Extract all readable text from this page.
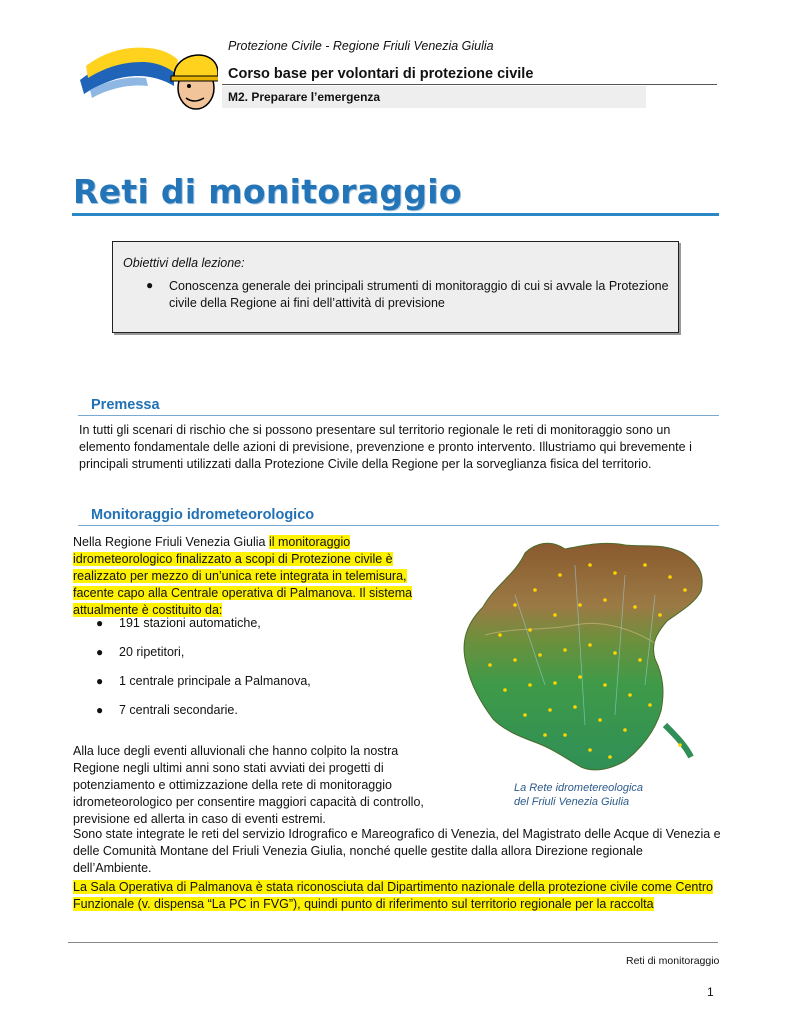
Protezione Civile - Regione Friuli Venezia Giulia
Corso base per volontari di protezione civile
M2. Preparare l’emergenza
Reti di monitoraggio
Obiettivi della lezione:
● Conoscenza generale dei principali strumenti di monitoraggio di cui si avvale la Protezione civile della Regione ai fini dell’attività di previsione
Premessa
In tutti gli scenari di rischio che si possono presentare sul territorio regionale le reti di monitoraggio sono un elemento fondamentale delle azioni di previsione, prevenzione e pronto intervento. Illustriamo qui brevemente i principali strumenti utilizzati dalla Protezione Civile della Regione per la sorveglianza fisica del territorio.
Monitoraggio idrometeorologico
Nella Regione Friuli Venezia Giulia il monitoraggio idrometeorologico finalizzato a scopi di Protezione civile è realizzato per mezzo di un’unica rete integrata in telemisura, facente capo alla Centrale operativa di Palmanova. Il sistema attualmente è costituito da:
● 191 stazioni automatiche,
● 20 ripetitori,
● 1 centrale principale a Palmanova,
● 7 centrali secondarie.
Alla luce degli eventi alluvionali che hanno colpito la nostra Regione negli ultimi anni sono stati avviati dei progetti di potenziamento e ottimizzazione della rete di monitoraggio idrometeorologico per consentire maggiori capacità di controllo, previsione ed allerta in caso di eventi estremi.
La Rete idrometereologica
del Friuli Venezia Giulia
Sono state integrate le reti del servizio Idrografico e Mareografico di Venezia, del Magistrato delle Acque di Venezia e delle Comunità Montane del Friuli Venezia Giulia, nonché quelle gestite dalla allora Direzione regionale dell’Ambiente.
La Sala Operativa di Palmanova è stata riconosciuta dal Dipartimento nazionale della protezione civile come Centro Funzionale (v. dispensa “La PC in FVG”), quindi punto di riferimento sul territorio regionale per la raccolta
Reti di monitoraggio
1
